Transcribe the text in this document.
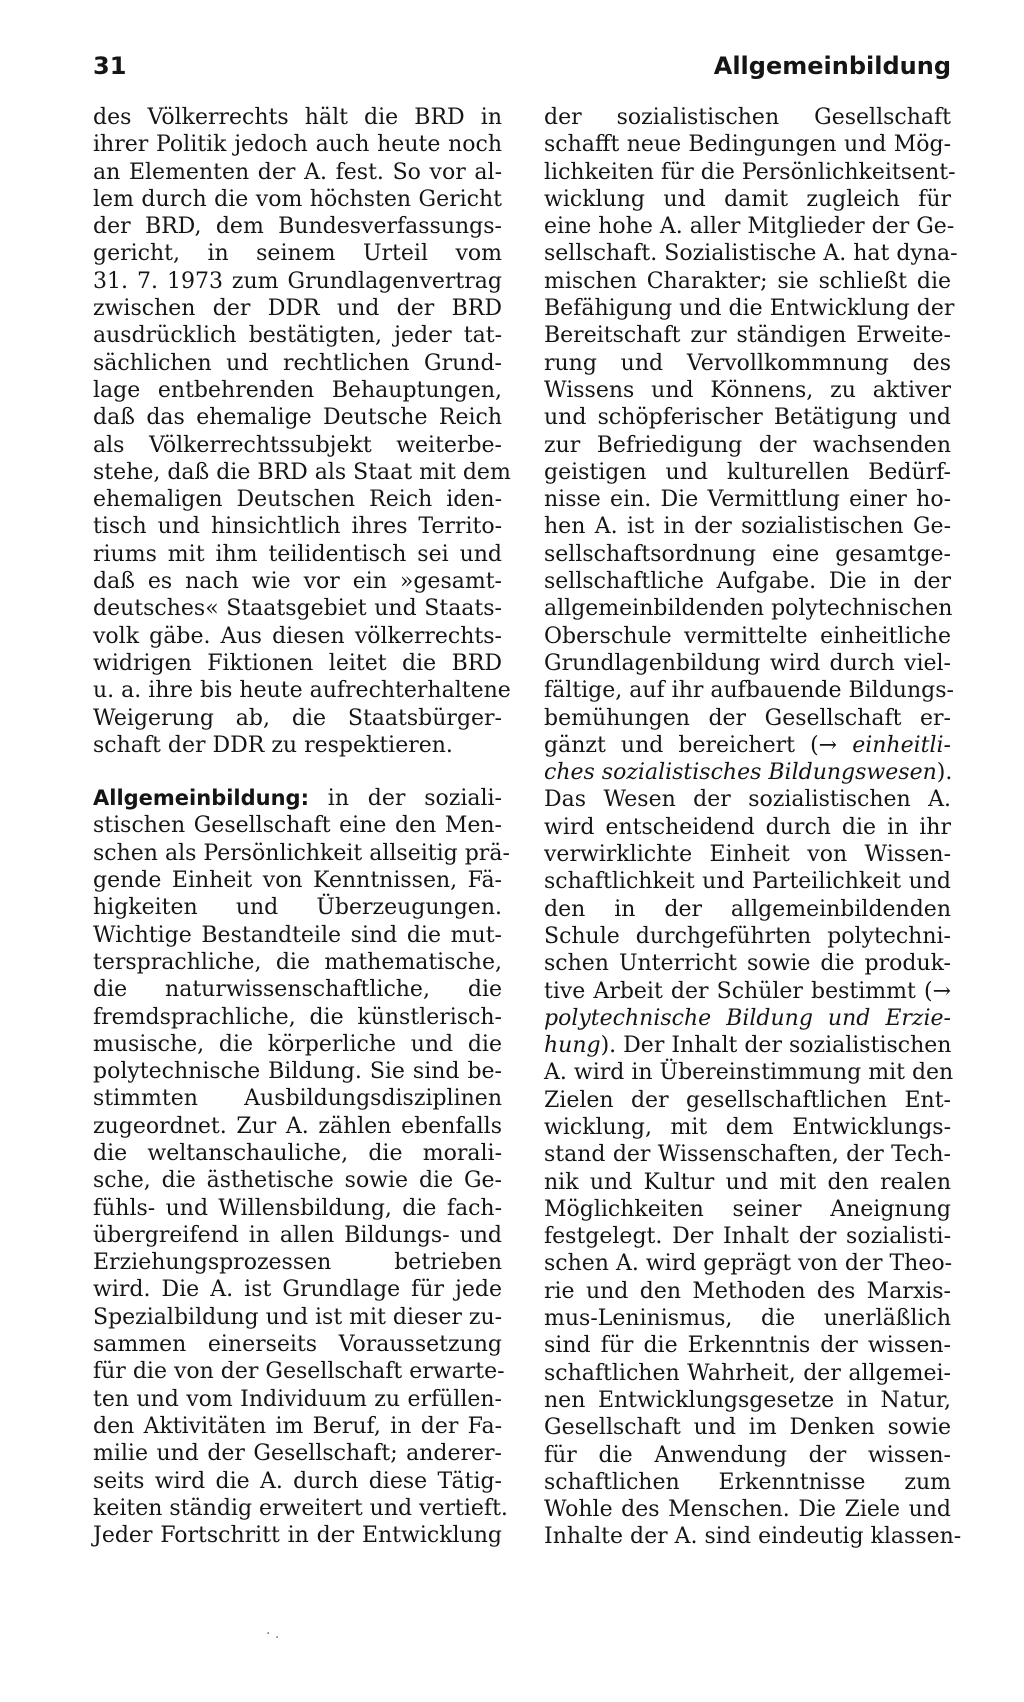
31	Allgemeinbildung
des Völkerrechts hält die BRD in
ihrer Politik jedoch auch heute noch
an Elementen der A. fest. So vor al-
lem durch die vom höchsten Gericht
der BRD, dem Bundesverfassungs-
gericht, in seinem Urteil vom
31. 7. 1973 zum Grundlagenvertrag
zwischen der DDR und der BRD
ausdrücklich bestätigten, jeder tat-
sächlichen und rechtlichen Grund-
lage entbehrenden Behauptungen,
daß das ehemalige Deutsche Reich
als Völkerrechtssubjekt weiterbe-
stehe, daß die BRD als Staat mit dem
ehemaligen Deutschen Reich iden-
tisch und hinsichtlich ihres Territo-
riums mit ihm teilidentisch sei und
daß es nach wie vor ein »gesamt-
deutsches« Staatsgebiet und Staats-
volk gäbe. Aus diesen völkerrechts-
widrigen Fiktionen leitet die BRD
u. a. ihre bis heute aufrechterhaltene
Weigerung ab, die Staatsbürger-
schaft der DDR zu respektieren.
Allgemeinbildung: in der soziali-
stischen Gesellschaft eine den Men-
schen als Persönlichkeit allseitig prä-
gende Einheit von Kenntnissen, Fä-
higkeiten und Überzeugungen.
Wichtige Bestandteile sind die mut-
tersprachliche, die mathematische,
die naturwissenschaftliche, die
fremdsprachliche, die künstlerisch-
musische, die körperliche und die
polytechnische Bildung. Sie sind be-
stimmten Ausbildungsdisziplinen
zugeordnet. Zur A. zählen ebenfalls
die weltanschauliche, die morali-
sche, die ästhetische sowie die Ge-
fühls- und Willensbildung, die fach-
übergreifend in allen Bildungs- und
Erziehungsprozessen betrieben
wird. Die A. ist Grundlage für jede
Spezialbildung und ist mit dieser zu-
sammen einerseits Voraussetzung
für die von der Gesellschaft erwarte-
ten und vom Individuum zu erfüllen-
den Aktivitäten im Beruf, in der Fa-
milie und der Gesellschaft; anderer-
seits wird die A. durch diese Tätig-
keiten ständig erweitert und vertieft.
Jeder Fortschritt in der Entwicklung
der sozialistischen Gesellschaft
schafft neue Bedingungen und Mög-
lichkeiten für die Persönlichkeitsent-
wicklung und damit zugleich für
eine hohe A. aller Mitglieder der Ge-
sellschaft. Sozialistische A. hat dyna-
mischen Charakter; sie schließt die
Befähigung und die Entwicklung der
Bereitschaft zur ständigen Erweite-
rung und Vervollkommnung des
Wissens und Könnens, zu aktiver
und schöpferischer Betätigung und
zur Befriedigung der wachsenden
geistigen und kulturellen Bedürf-
nisse ein. Die Vermittlung einer ho-
hen A. ist in der sozialistischen Ge-
sellschaftsordnung eine gesamtge-
sellschaftliche Aufgabe. Die in der
allgemeinbildenden polytechnischen
Oberschule vermittelte einheitliche
Grundlagenbildung wird durch viel-
fältige, auf ihr aufbauende Bildungs-
bemühungen der Gesellschaft er-
gänzt und bereichert (→ einheitli-
ches sozialistisches Bildungswesen).
Das Wesen der sozialistischen A.
wird entscheidend durch die in ihr
verwirklichte Einheit von Wissen-
schaftlichkeit und Parteilichkeit und
den in der allgemeinbildenden
Schule durchgeführten polytechni-
schen Unterricht sowie die produk-
tive Arbeit der Schüler bestimmt (→
polytechnische Bildung und Erzie-
hung). Der Inhalt der sozialistischen
A. wird in Übereinstimmung mit den
Zielen der gesellschaftlichen Ent-
wicklung, mit dem Entwicklungs-
stand der Wissenschaften, der Tech-
nik und Kultur und mit den realen
Möglichkeiten seiner Aneignung
festgelegt. Der Inhalt der sozialisti-
schen A. wird geprägt von der Theo-
rie und den Methoden des Marxis-
mus-Leninismus, die unerläßlich
sind für die Erkenntnis der wissen-
schaftlichen Wahrheit, der allgemei-
nen Entwicklungsgesetze in Natur,
Gesellschaft und im Denken sowie
für die Anwendung der wissen-
schaftlichen Erkenntnisse zum
Wohle des Menschen. Die Ziele und
Inhalte der A. sind eindeutig klassen-
· .
